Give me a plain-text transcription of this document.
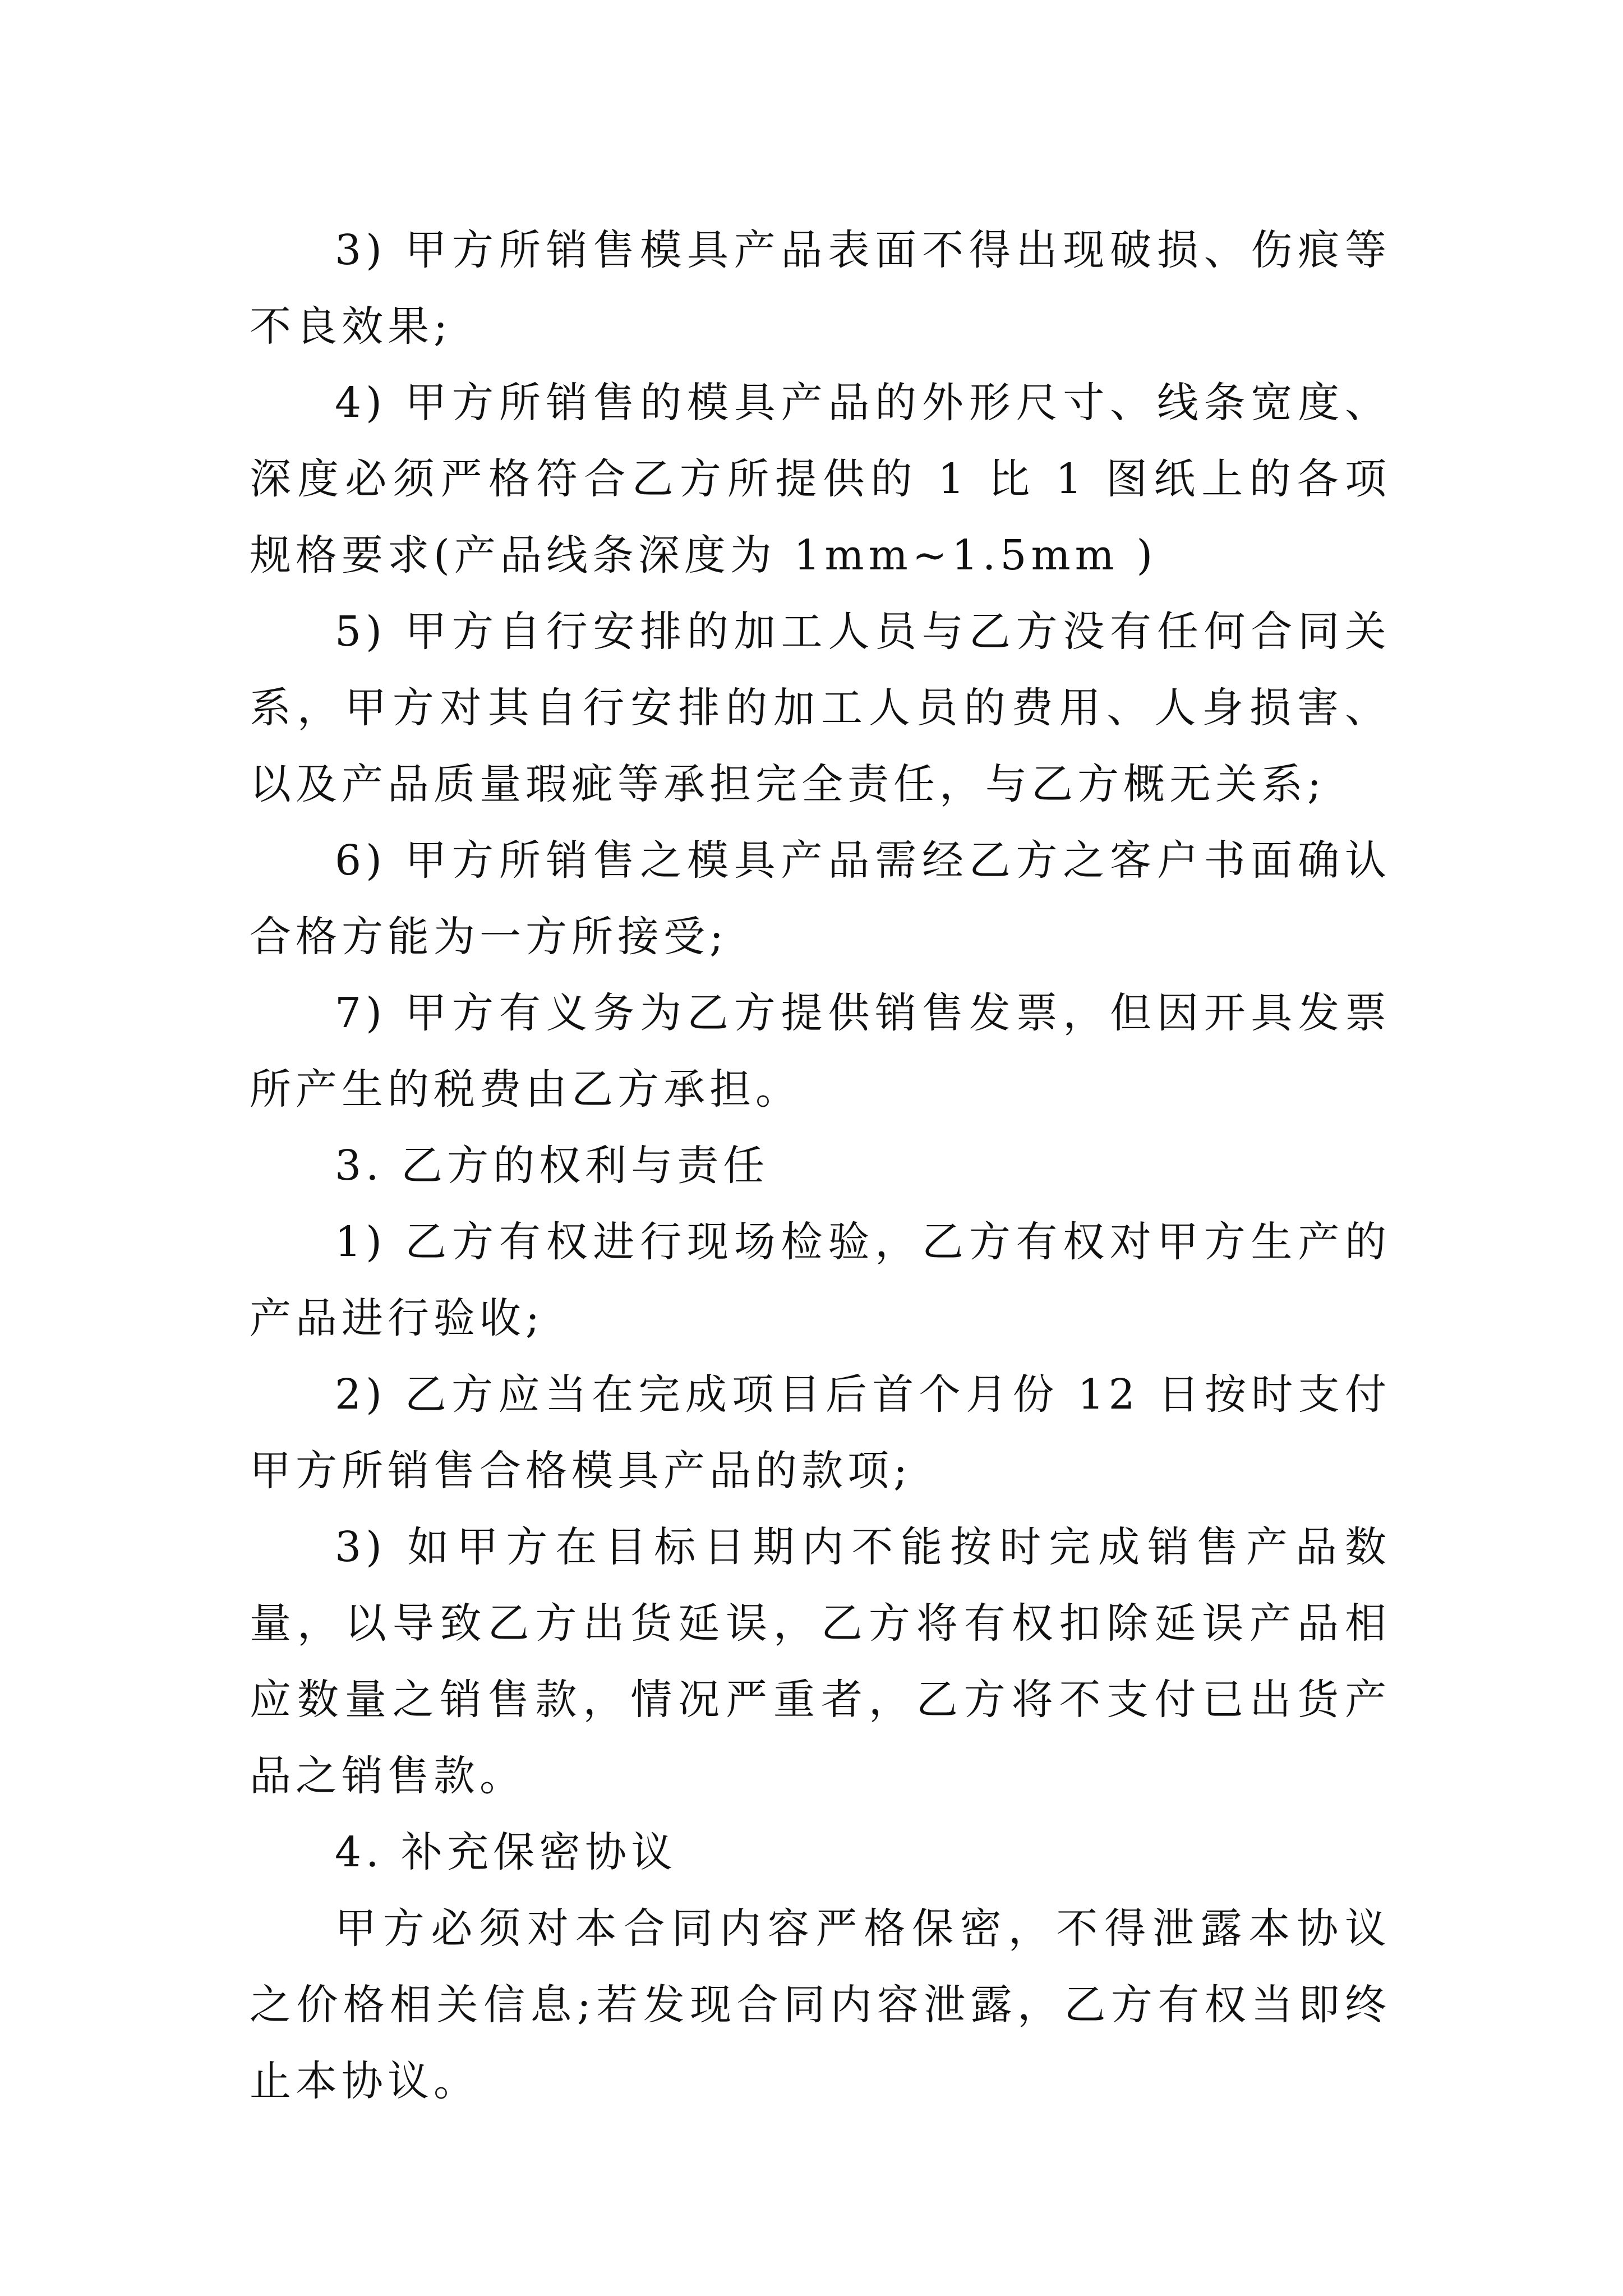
3) 甲方所销售模具产品表面不得出现破损、伤痕等不良效果;

4) 甲方所销售的模具产品的外形尺寸、线条宽度、深度必须严格符合乙方所提供的 1 比 1 图纸上的各项规格要求(产品线条深度为 1mm~1.5mm )

5) 甲方自行安排的加工人员与乙方没有任何合同关系，甲方对其自行安排的加工人员的费用、人身损害、以及产品质量瑕疵等承担完全责任，与乙方概无关系;

6) 甲方所销售之模具产品需经乙方之客户书面确认合格方能为一方所接受;

7) 甲方有义务为乙方提供销售发票，但因开具发票所产生的税费由乙方承担。

3. 乙方的权利与责任

1) 乙方有权进行现场检验，乙方有权对甲方生产的产品进行验收;

2) 乙方应当在完成项目后首个月份 12 日按时支付甲方所销售合格模具产品的款项;

3) 如甲方在目标日期内不能按时完成销售产品数量，以导致乙方出货延误，乙方将有权扣除延误产品相应数量之销售款，情况严重者，乙方将不支付已出货产品之销售款。

4. 补充保密协议

甲方必须对本合同内容严格保密，不得泄露本协议之价格相关信息;若发现合同内容泄露，乙方有权当即终止本协议。
